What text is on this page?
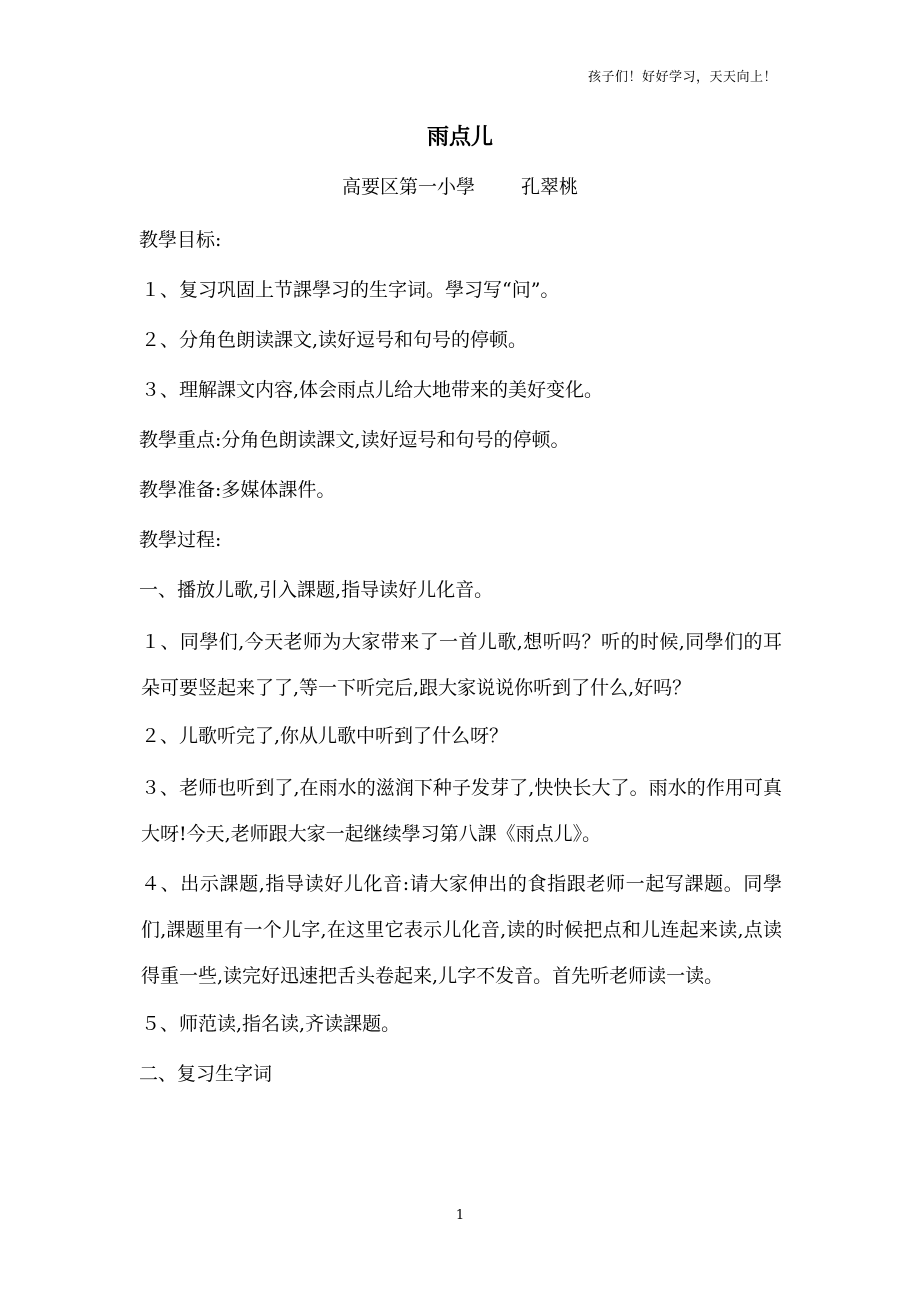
孩子们！好好学习，天天向上！
雨点儿
高要区第一小學 孔翠桃

教學目标:

１、复习巩固上节課學习的生字词。學习写“问”。

２、分角色朗读課文,读好逗号和句号的停顿。

３、理解課文内容,体会雨点儿给大地带来的美好变化。

教學重点:分角色朗读課文,读好逗号和句号的停顿。

教學准备:多媒体課件。

教學过程:

一、播放儿歌,引入課题,指导读好儿化音。

１、同學们,今天老师为大家带来了一首儿歌,想听吗？听的时候,同學们的耳朵可要竖起来了了,等一下听完后,跟大家说说你听到了什么,好吗？

２、儿歌听完了,你从儿歌中听到了什么呀？

３、老师也听到了,在雨水的滋润下种子发芽了,快快长大了。雨水的作用可真大呀!今天,老师跟大家一起继续學习第八課《雨点儿》。

４、出示課题,指导读好儿化音:请大家伸出的食指跟老师一起写課题。同學们,課题里有一个儿字,在这里它表示儿化音,读的时候把点和儿连起来读,点读得重一些,读完好迅速把舌头卷起来,儿字不发音。首先听老师读一读。

５、师范读,指名读,齐读課题。

二、复习生字词

1
